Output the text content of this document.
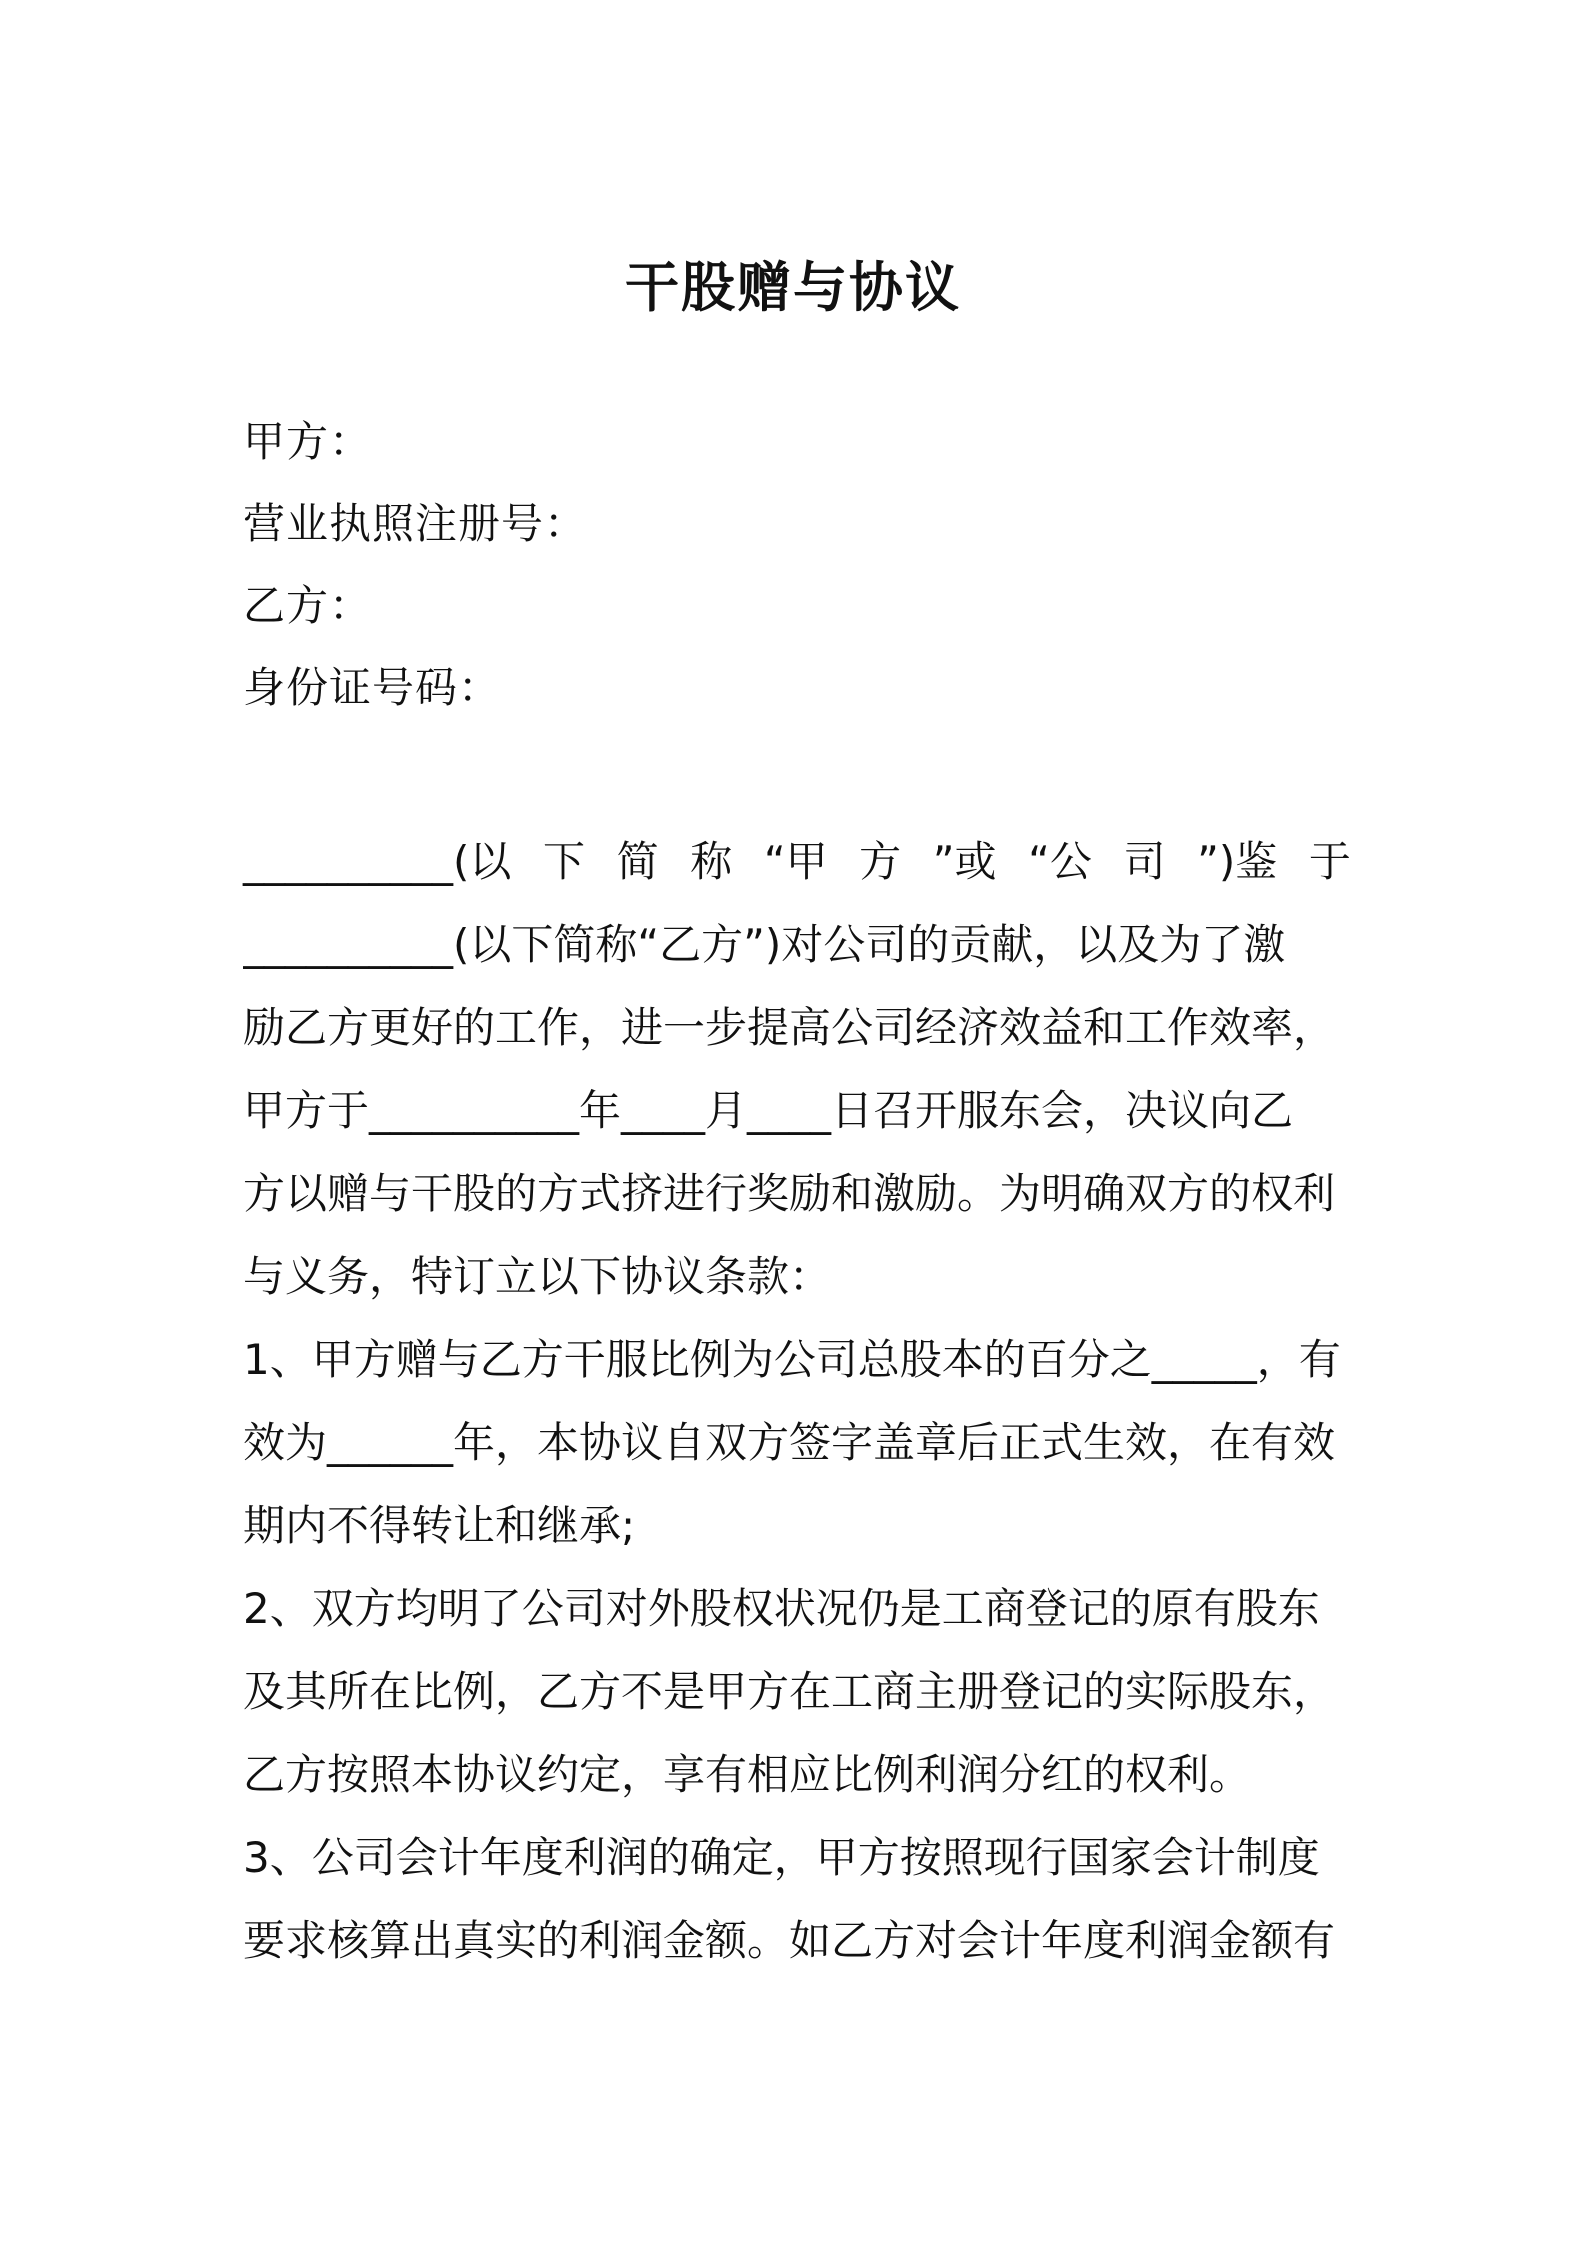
干股赠与协议
甲方：
营业执照注册号：
乙方：
身份证号码：
__________(以 下 简 称 “甲 方 ”或 “公 司 ”)鉴 于
__________(以下简称“乙方”)对公司的贡献，以及为了激
励乙方更好的工作，进一步提高公司经济效益和工作效率，
甲方于__________年____月____日召开服东会，决议向乙
方以赠与干股的方式挤进行奖励和激励。为明确双方的权利
与义务，特订立以下协议条款：
1、甲方赠与乙方干服比例为公司总股本的百分之_____，有
效为______年，本协议自双方签字盖章后正式生效，在有效
期内不得转让和继承;
2、双方均明了公司对外股权状况仍是工商登记的原有股东
及其所在比例，乙方不是甲方在工商主册登记的实际股东，
乙方按照本协议约定，享有相应比例利润分红的权利。
3、公司会计年度利润的确定，甲方按照现行国家会计制度
要求核算出真实的利润金额。如乙方对会计年度利润金额有
